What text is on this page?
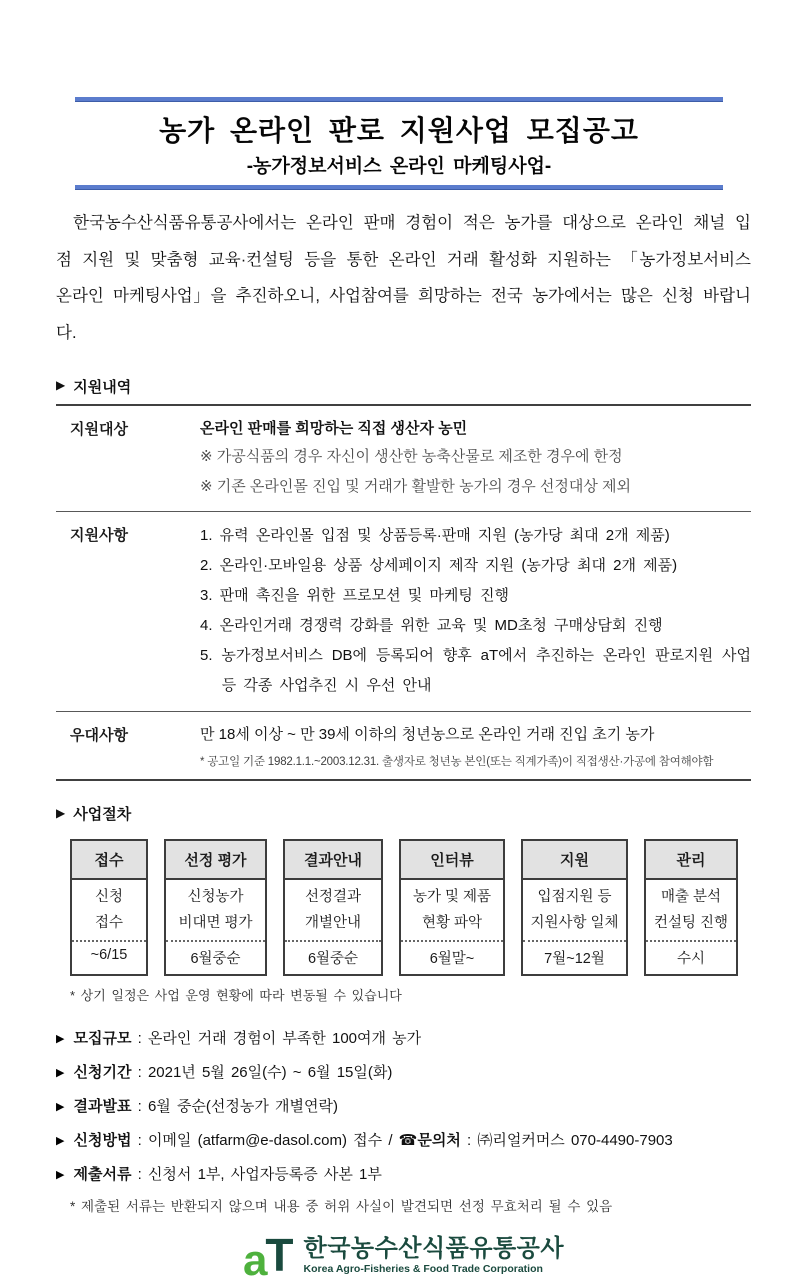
농가 온라인 판로 지원사업 모집공고
-농가정보서비스 온라인 마케팅사업-

한국농수산식품유통공사에서는 온라인 판매 경험이 적은 농가를 대상으로 온라인 채널 입점 지원 및 맞춤형 교육·컨설팅 등을 통한 온라인 거래 활성화 지원하는 「농가정보서비스 온라인 마케팅사업」을 추진하오니, 사업참여를 희망하는 전국 농가에서는 많은 신청 바랍니다.

▶ 지원내역
지원대상	온라인 판매를 희망하는 직접 생산자 농민
※ 가공식품의 경우 자신이 생산한 농축산물로 제조한 경우에 한정
※ 기존 온라인몰 진입 및 거래가 활발한 농가의 경우 선정대상 제외
지원사항	1. 유력 온라인몰 입점 및 상품등록·판매 지원 (농가당 최대 2개 제품)
2. 온라인·모바일용 상품 상세페이지 제작 지원 (농가당 최대 2개 제품)
3. 판매 촉진을 위한 프로모션 및 마케팅 진행
4. 온라인거래 경쟁력 강화를 위한 교육 및 MD초청 구매상담회 진행
5. 농가정보서비스 DB에 등록되어 향후 aT에서 추진하는 온라인 판로지원 사업 등 각종 사업추진 시 우선 안내
우대사항	만 18세 이상 ~ 만 39세 이하의 청년농으로 온라인 거래 진입 초기 농가
* 공고일 기준 1982.1.1.~2003.12.31. 출생자로 청년농 본인(또는 직계가족)이 직접생산·가공에 참여해야함
▶ 사업절차
접수
신청
접수
~6/15
선정 평가
신청농가
비대면 평가
6월중순
결과안내
선정결과
개별안내
6월중순
인터뷰
농가 및 제품
현황 파악
6월말~
지원
입점지원 등
지원사항 일체
7월~12월
관리
매출 분석
컨설팅 진행
수시
* 상기 일정은 사업 운영 현황에 따라 변동될 수 있습니다
▶ 모집규모 : 온라인 거래 경험이 부족한 100여개 농가
▶ 신청기간 : 2021년 5월 26일(수) ~ 6월 15일(화)
▶ 결과발표 : 6월 중순(선정농가 개별연락)
▶ 신청방법 : 이메일 (atfarm@e-dasol.com) 접수 / ☎문의처 : ㈜리얼커머스 070-4490-7903
▶ 제출서류 : 신청서 1부, 사업자등록증 사본 1부
* 제출된 서류는 반환되지 않으며 내용 중 허위 사실이 발견되면 선정 무효처리 될 수 있음
a
T 한국농수산식품유통공사
Korea Agro-Fisheries & Food Trade Corporation
